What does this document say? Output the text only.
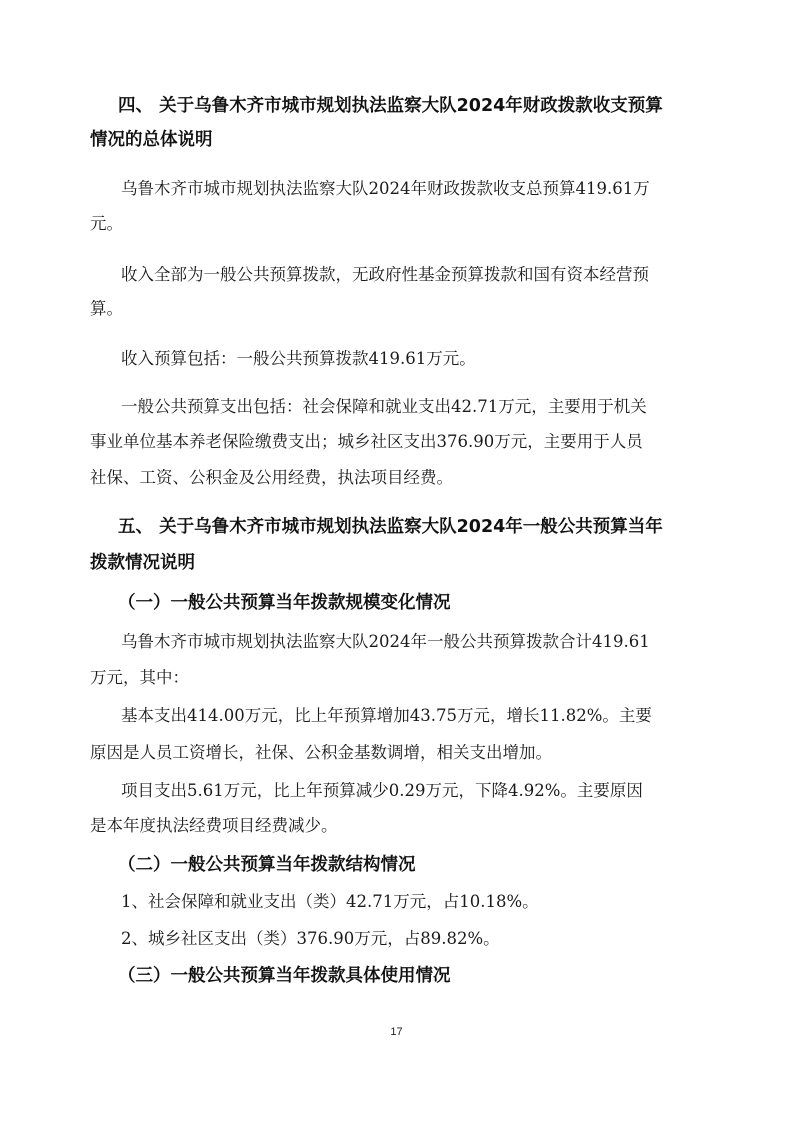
四、 关于乌鲁木齐市城市规划执法监察大队2024年财政拨款收支预算

情况的总体说明

乌鲁木齐市城市规划执法监察大队2024年财政拨款收支总预算419.61万

元。

收入全部为一般公共预算拨款，无政府性基金预算拨款和国有资本经营预

算。

收入预算包括：一般公共预算拨款419.61万元。

一般公共预算支出包括：社会保障和就业支出42.71万元，主要用于机关

事业单位基本养老保险缴费支出；城乡社区支出376.90万元，主要用于人员

社保、工资、公积金及公用经费，执法项目经费。

五、 关于乌鲁木齐市城市规划执法监察大队2024年一般公共预算当年

拨款情况说明

（一）一般公共预算当年拨款规模变化情况

乌鲁木齐市城市规划执法监察大队2024年一般公共预算拨款合计419.61

万元，其中：

基本支出414.00万元，比上年预算增加43.75万元，增长11.82%。主要

原因是人员工资增长，社保、公积金基数调增，相关支出增加。

项目支出5.61万元，比上年预算减少0.29万元，下降4.92%。主要原因

是本年度执法经费项目经费减少。

（二）一般公共预算当年拨款结构情况

1、社会保障和就业支出（类）42.71万元，占10.18%。

2、城乡社区支出（类）376.90万元，占89.82%。

（三）一般公共预算当年拨款具体使用情况

17
